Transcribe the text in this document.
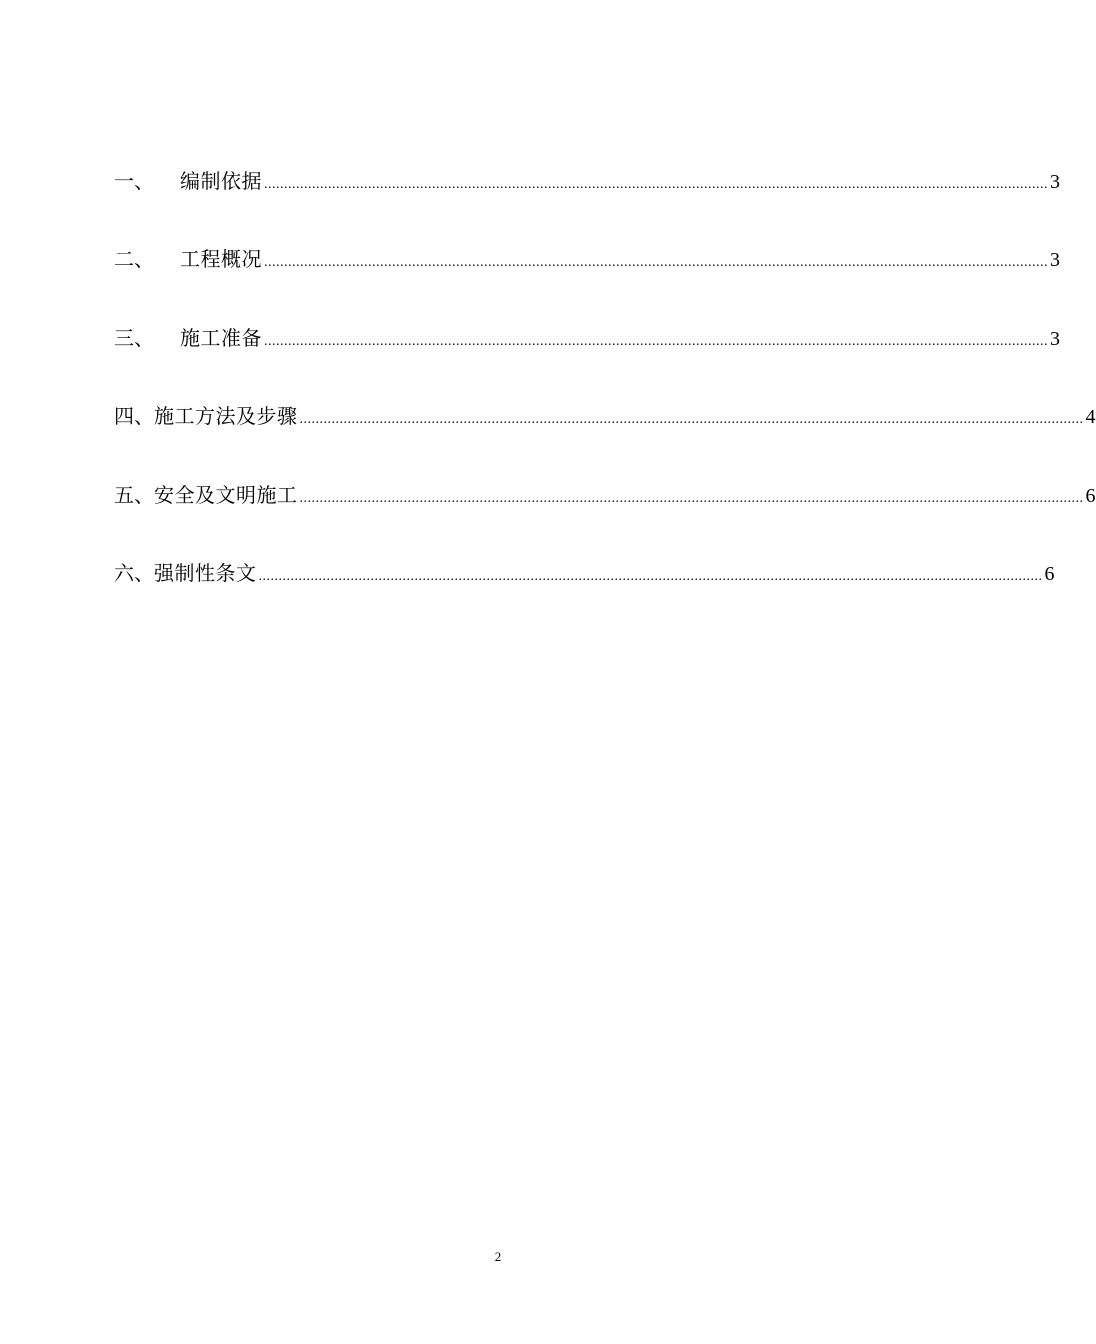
一、	编制依据 .................................................................................................................................................................................................... 3
二、	工程概况 .................................................................................................................................................................................................... 3
三、	施工准备 .................................................................................................................................................................................................... 3
四、 施工方法及步骤 .................................................................................................................................................................................................... 4
五、 安全及文明施工 .................................................................................................................................................................................................... 6
六、 强制性条文 .................................................................................................................................................................................................... 6
2
